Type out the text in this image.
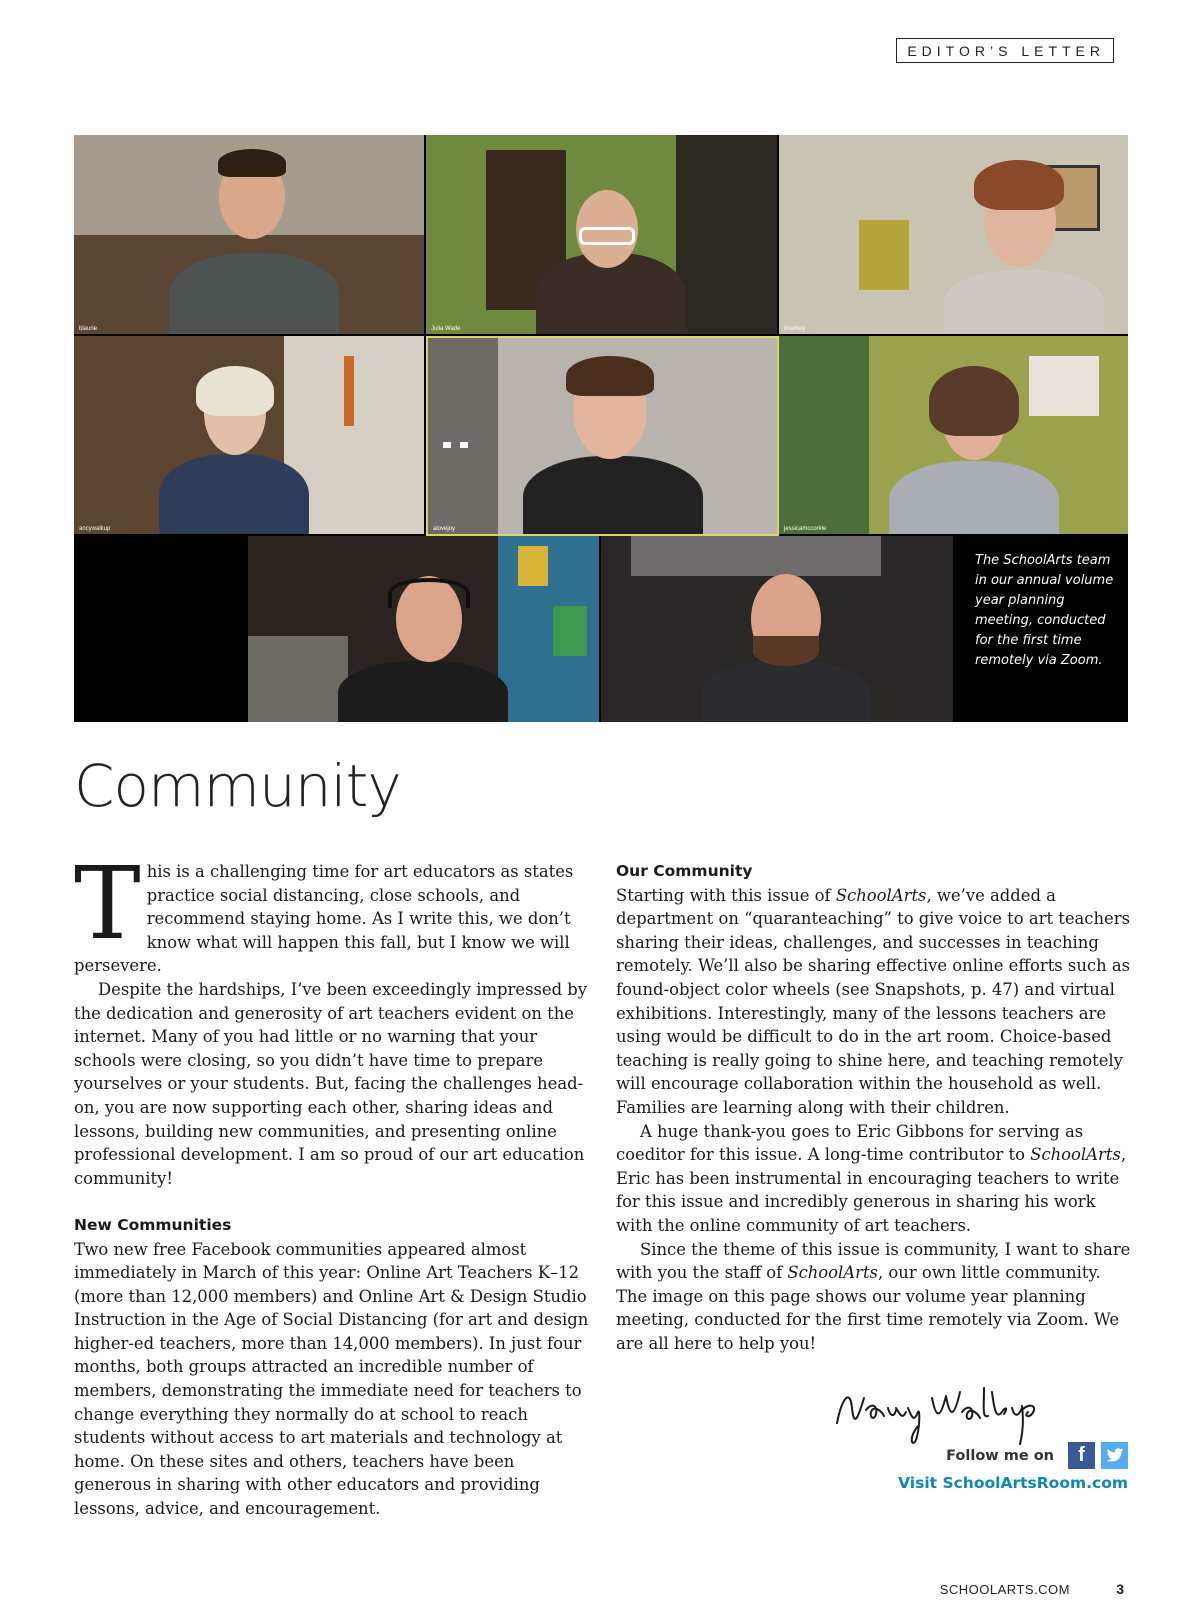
EDITOR’S LETTER
blaurie	Julia Wade	lmarkey
ancywalkup	alovejoy	jessicamccorkle
The SchoolArts team in our annual volume year planning meeting, conducted for the first time remotely via Zoom.
Community

This is a challenging time for art educators as states practice social distancing, close schools, and recommend staying home. As I write this, we don’t know what will happen this fall, but I know we will persevere.

Despite the hardships, I’ve been exceedingly impressed by the dedication and generosity of art teachers evident on the internet. Many of you had little or no warning that your schools were closing, so you didn’t have time to prepare yourselves or your students. But, facing the challenges head-on, you are now supporting each other, sharing ideas and lessons, building new communities, and presenting online professional development. I am so proud of our art education community!

New Communities

Two new free Facebook communities appeared almost immediately in March of this year: Online Art Teachers K–12 (more than 12,000 members) and Online Art & Design Studio Instruction in the Age of Social Distancing (for art and design higher-ed teachers, more than 14,000 members). In just four months, both groups attracted an incredible number of members, demonstrating the immediate need for teachers to change everything they normally do at school to reach students without access to art materials and technology at home. On these sites and others, teachers have been generous in sharing with other educators and providing lessons, advice, and encouragement.

Our Community

Starting with this issue of SchoolArts, we’ve added a department on “quaranteaching” to give voice to art teachers sharing their ideas, challenges, and successes in teaching remotely. We’ll also be sharing effective online efforts such as found-object color wheels (see Snapshots, p. 47) and virtual exhibitions. Interestingly, many of the lessons teachers are using would be difficult to do in the art room. Choice-based teaching is really going to shine here, and teaching remotely will encourage collaboration within the household as well. Families are learning along with their children.

A huge thank-you goes to Eric Gibbons for serving as coeditor for this issue. A long-time contributor to SchoolArts, Eric has been instrumental in encouraging teachers to write for this issue and incredibly generous in sharing his work with the online community of art teachers.

Since the theme of this issue is community, I want to share with you the staff of SchoolArts, our own little community. The image on this page shows our volume year planning meeting, conducted for the first time remotely via Zoom. We are all here to help you!

Follow me on f
Visit SchoolArtsRoom.com
SCHOOLARTS.COM	3
